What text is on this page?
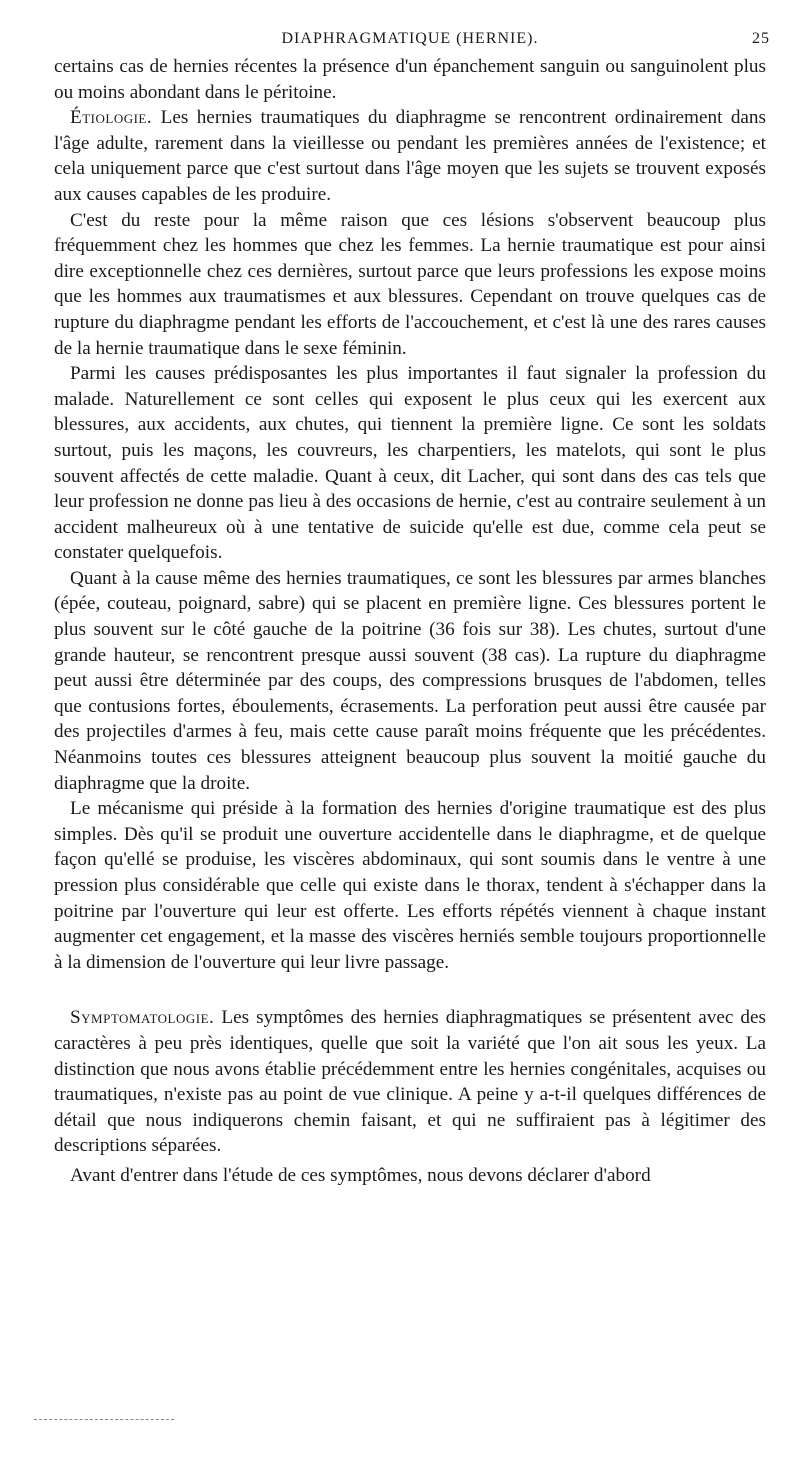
DIAPHRAGMATIQUE (HERNIE).	25

certains cas de hernies récentes la présence d'un épanchement sanguin ou sanguinolent plus ou moins abondant dans le péritoine.

Étiologie. Les hernies traumatiques du diaphragme se rencontrent ordinairement dans l'âge adulte, rarement dans la vieillesse ou pendant les premières années de l'existence; et cela uniquement parce que c'est surtout dans l'âge moyen que les sujets se trouvent exposés aux causes capables de les produire.

C'est du reste pour la même raison que ces lésions s'observent beaucoup plus fréquemment chez les hommes que chez les femmes. La hernie traumatique est pour ainsi dire exceptionnelle chez ces dernières, surtout parce que leurs professions les expose moins que les hommes aux traumatismes et aux blessures. Cependant on trouve quelques cas de rupture du diaphragme pendant les efforts de l'accouchement, et c'est là une des rares causes de la hernie traumatique dans le sexe féminin.

Parmi les causes prédisposantes les plus importantes il faut signaler la profession du malade. Naturellement ce sont celles qui exposent le plus ceux qui les exercent aux blessures, aux accidents, aux chutes, qui tiennent la première ligne. Ce sont les soldats surtout, puis les maçons, les couvreurs, les charpentiers, les matelots, qui sont le plus souvent affectés de cette maladie. Quant à ceux, dit Lacher, qui sont dans des cas tels que leur profession ne donne pas lieu à des occasions de hernie, c'est au contraire seulement à un accident malheureux où à une tentative de suicide qu'elle est due, comme cela peut se constater quelquefois.

Quant à la cause même des hernies traumatiques, ce sont les blessures par armes blanches (épée, couteau, poignard, sabre) qui se placent en première ligne. Ces blessures portent le plus souvent sur le côté gauche de la poitrine (36 fois sur 38). Les chutes, surtout d'une grande hauteur, se rencontrent presque aussi souvent (38 cas). La rupture du diaphragme peut aussi être déterminée par des coups, des compressions brusques de l'abdomen, telles que contusions fortes, éboulements, écrasements. La perforation peut aussi être causée par des projectiles d'armes à feu, mais cette cause paraît moins fréquente que les précédentes. Néanmoins toutes ces blessures atteignent beaucoup plus souvent la moitié gauche du diaphragme que la droite.

Le mécanisme qui préside à la formation des hernies d'origine traumatique est des plus simples. Dès qu'il se produit une ouverture accidentelle dans le diaphragme, et de quelque façon qu'ellé se produise, les viscères abdominaux, qui sont soumis dans le ventre à une pression plus considérable que celle qui existe dans le thorax, tendent à s'échapper dans la poitrine par l'ouverture qui leur est offerte. Les efforts répétés viennent à chaque instant augmenter cet engagement, et la masse des viscères herniés semble toujours proportionnelle à la dimension de l'ouverture qui leur livre passage.

Symptomatologie. Les symptômes des hernies diaphragmatiques se présentent avec des caractères à peu près identiques, quelle que soit la variété que l'on ait sous les yeux. La distinction que nous avons établie précédemment entre les hernies congénitales, acquises ou traumatiques, n'existe pas au point de vue clinique. A peine y a-t-il quelques différences de détail que nous indiquerons chemin faisant, et qui ne suffiraient pas à légitimer des descriptions séparées.

Avant d'entrer dans l'étude de ces symptômes, nous devons déclarer d'abord
